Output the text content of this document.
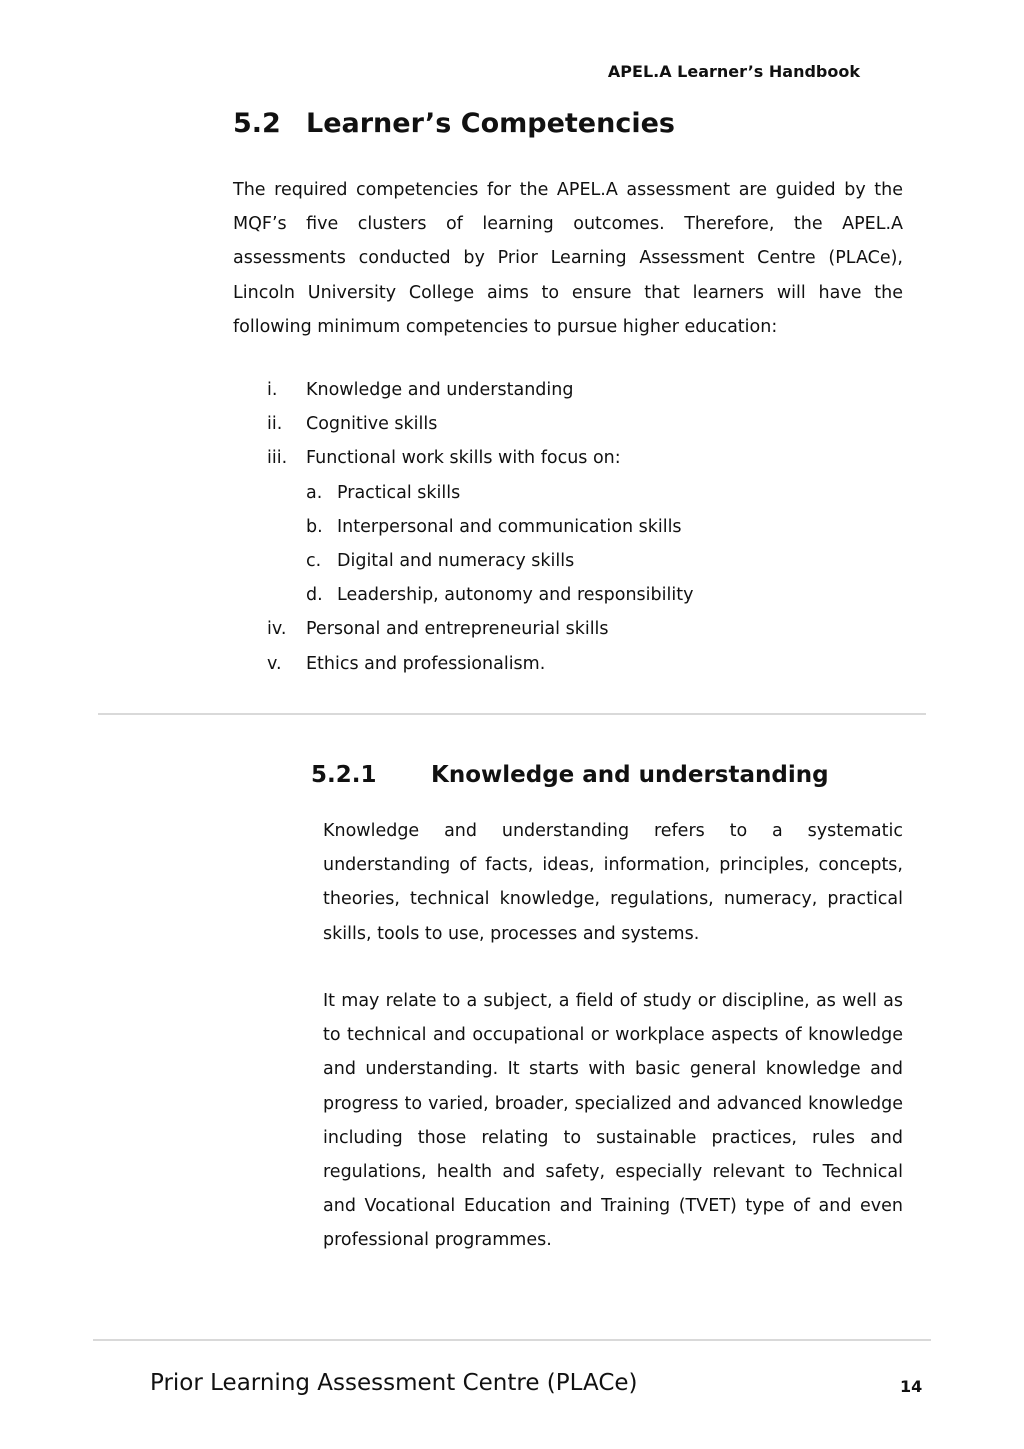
APEL.A Learner’s Handbook
5.2 Learner’s Competencies

The required competencies for the APEL.A assessment are guided by the MQF’s five clusters of learning outcomes. Therefore, the APEL.A assessments conducted by Prior Learning Assessment Centre (PLACe), Lincoln University College aims to ensure that learners will have the following minimum competencies to pursue higher education:

i. Knowledge and understanding
ii. Cognitive skills
iii. Functional work skills with focus on:
a. Practical skills
b. Interpersonal and communication skills
c. Digital and numeracy skills
d. Leadership, autonomy and responsibility
iv. Personal and entrepreneurial skills
v. Ethics and professionalism.
5.2.1 Knowledge and understanding

Knowledge and understanding refers to a systematic understanding of facts, ideas, information, principles, concepts, theories, technical knowledge, regulations, numeracy, practical skills, tools to use, processes and systems.

It may relate to a subject, a field of study or discipline, as well as to technical and occupational or workplace aspects of knowledge and understanding. It starts with basic general knowledge and progress to varied, broader, specialized and advanced knowledge including those relating to sustainable practices, rules and regulations, health and safety, especially relevant to Technical and Vocational Education and Training (TVET) type of and even professional programmes.

Prior Learning Assessment Centre (PLACe)	14
